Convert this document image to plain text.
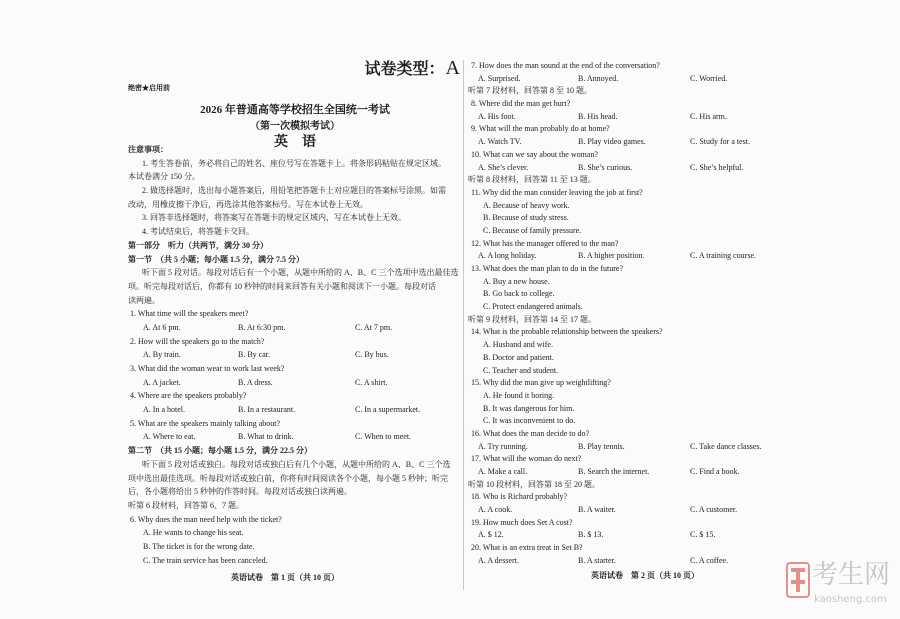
试卷类型：A
绝密★启用前
2026 年普通高等学校招生全国统一考试
（第一次模拟考试）
英　语
注意事项：
1. 考生答卷前，务必将自己的姓名、座位号写在答题卡上。将条形码粘贴在规定区域。
本试卷满分 150 分。
2. 做选择题时，选出每小题答案后，用铅笔把答题卡上对应题目的答案标号涂黑。如需
改动，用橡皮擦干净后，再选涂其他答案标号。写在本试卷上无效。
3. 回答非选择题时，将答案写在答题卡的规定区域内，写在本试卷上无效。
4. 考试结束后，将答题卡交回。
第一部分　听力（共两节，满分 30 分）
第一节　（共 5 小题；每小题 1.5 分，满分 7.5 分）
听下面 5 段对话。每段对话后有一个小题，从题中所给的 A、B、C 三个选项中选出最佳选
项。听完每段对话后，你都有 10 秒钟的时间来回答有关小题和阅读下一小题。每段对话
读两遍。
1. What time will the speakers meet?
A. At 6 pm.	B. At 6:30 pm.	C. At 7 pm.
2. How will the speakers go to the match?
A. By train.	B. By car.	C. By bus.
3. What did the woman wear to work last week?
A. A jacket.	B. A dress.	C. A shirt.
4. Where are the speakers probably?
A. In a hotel.	B. In a restaurant.	C. In a supermarket.
5. What are the speakers mainly talking about?
A. Where to eat.	B. What to drink.	C. When to meet.
第二节　（共 15 小题；每小题 1.5 分，满分 22.5 分）
听下面 5 段对话或独白。每段对话或独白后有几个小题，从题中所给的 A、B、C 三个选
项中选出最佳选项。听每段对话或独白前，你将有时间阅读各个小题，每小题 5 秒钟；听完
后，各小题将给出 5 秒钟的作答时间。每段对话或独白读两遍。
听第 6 段材料，回答第 6、7 题。
6. Why does the man need help with the ticket?
A. He wants to change his seat.
B. The ticket is for the wrong date.
C. The train service has been canceled.
7. How does the man sound at the end of the conversation?
A. Surprised.	B. Annoyed.	C. Worried.
听第 7 段材料，回答第 8 至 10 题。
8. Where did the man get hurt?
A. His foot.	B. His head.	C. His arm.
9. What will the man probably do at home?
A. Watch TV.	B. Play video games.	C. Study for a test.
10. What can we say about the woman?
A. She’s clever.	B. She’s curious.	C. She’s helpful.
听第 8 段材料，回答第 11 至 13 题。
11. Why did the man consider leaving the job at first?
A. Because of heavy work.
B. Because of study stress.
C. Because of family pressure.
12. What has the manager offered to the man?
A. A long holiday.	B. A higher position.	C. A training course.
13. What does the man plan to do in the future?
A. Buy a new house.
B. Go back to college.
C. Protect endangered animals.
听第 9 段材料，回答第 14 至 17 题。
14. What is the probable relationship between the speakers?
A. Husband and wife.
B. Doctor and patient.
C. Teacher and student.
15. Why did the man give up weightlifting?
A. He found it boring.
B. It was dangerous for him.
C. It was inconvenient to do.
16. What does the man decide to do?
A. Try running.	B. Play tennis.	C. Take dance classes.
17. What will the woman do next?
A. Make a call.	B. Search the internet.	C. Find a book.
听第 10 段材料，回答第 18 至 20 题。
18. Who is Richard probably?
A. A cook.	B. A waiter.	C. A customer.
19. How much does Set A cost?
A. $ 12.	B. $ 13.	C. $ 15.
20. What is an extra treat in Set B?
A. A dessert.	B. A starter.	C. A coffee.
英语试卷　第 1 页（共 10 页）	英语试卷　第 2 页（共 10 页）	考生网
kaosheng.com
